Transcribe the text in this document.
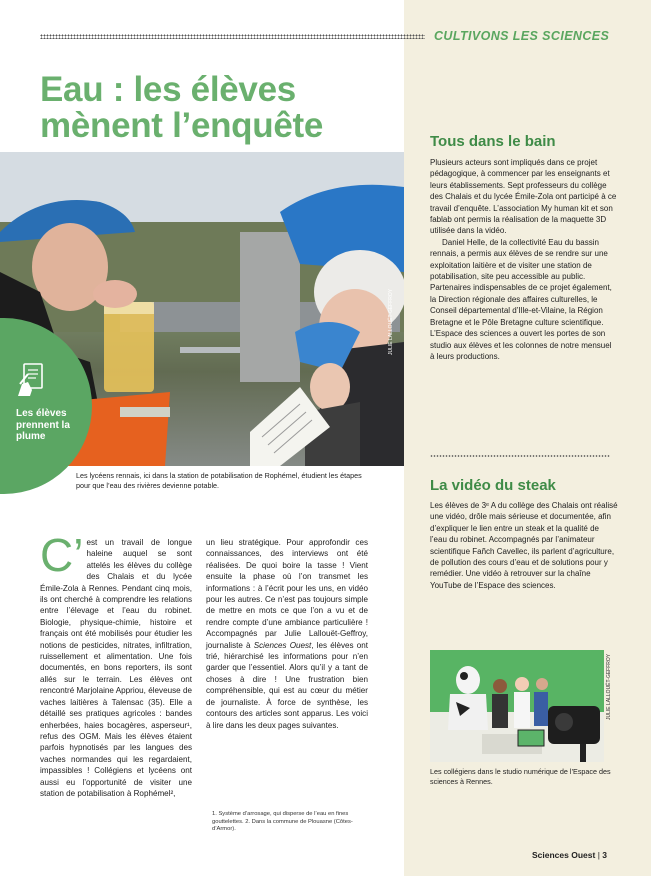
CULTIVONS LES SCIENCES
Eau : les élèves mènent l’enquête
JULIE LALLOUËT-GEFFROY
Les élèves prennent la plume
Les lycéens rennais, ici dans la station de potabilisation de Rophémel, étudient les étapes pour que l’eau des rivières devienne potable.
C’ est un travail de longue haleine auquel se sont attelés les élèves du collège des Chalais et du lycée Émile-Zola à Rennes. Pendant cinq mois, ils ont cherché à comprendre les relations entre l’élevage et l’eau du robinet. Biologie, physique-chimie, histoire et français ont été mobilisés pour étudier les notions de pesticides, nitrates, infiltration, ruissellement et alimentation. Une fois documentés, en bons reporters, ils sont allés sur le terrain. Les élèves ont rencontré Marjolaine Appriou, éleveuse de vaches laitières à Talensac (35). Elle a détaillé ses pratiques agricoles : bandes enherbées, haies bocagères, asperseur¹, refus des OGM. Mais les élèves étaient parfois hypnotisés par les langues des vaches normandes qui les regardaient, impassibles ! Collégiens et lycéens ont aussi eu l’opportunité de visiter une station de potabilisation à Rophémel²,

un lieu stratégique. Pour approfondir ces connaissances, des interviews ont été réalisées. De quoi boire la tasse ! Vient ensuite la phase où l’on transmet les informations : à l’écrit pour les uns, en vidéo pour les autres. Ce n’est pas toujours simple de mettre en mots ce que l’on a vu et de rendre compte d’une ambiance particulière ! Accompagnés par Julie Lallouët-Geffroy, journaliste à Sciences Ouest, les élèves ont trié, hiérarchisé les informations pour n’en garder que l’essentiel. Alors qu’il y a tant de choses à dire ! Une frustration bien compréhensible, qui est au cœur du métier de journaliste. À force de synthèse, les contours des articles sont apparus. Les voici à lire dans les deux pages suivantes.

1. Système d’arrosage, qui disperse de l’eau en fines gouttelettes. 2. Dans la commune de Plouasne (Côtes-d’Armor).
Tous dans le bain

Plusieurs acteurs sont impliqués dans ce projet pédagogique, à commencer par les enseignants et leurs établissements. Sept professeurs du collège des Chalais et du lycée Émile-Zola ont participé à ce travail d’enquête. L’association My human kit et son fablab ont permis la réalisation de la maquette 3D utilisée dans la vidéo.

Daniel Helle, de la collectivité Eau du bassin rennais, a permis aux élèves de se rendre sur une exploitation laitière et de visiter une station de potabilisation, site peu accessible au public. Partenaires indispensables de ce projet également, la Direction régionale des affaires culturelles, le Conseil départemental d’Ille-et-Vilaine, la Région Bretagne et le Pôle Bretagne culture scientifique. L’Espace des sciences a ouvert les portes de son studio aux élèves et les colonnes de notre mensuel à leurs productions.

La vidéo du steak
Les élèves de 3ᵉ A du collège des Chalais ont réalisé une vidéo, drôle mais sérieuse et documentée, afin d’expliquer le lien entre un steak et la qualité de l’eau du robinet. Accompagnés par l’animateur scientifique Fañch Cavellec, ils parlent d’agriculture, de pollution des cours d’eau et de solutions pour y remédier. Une vidéo à retrouver sur la chaîne YouTube de l’Espace des sciences.
JULIE LALLOUËT-GEFFROY
Les collégiens dans le studio numérique de l’Espace des sciences à Rennes.
Sciences Ouest | 3
